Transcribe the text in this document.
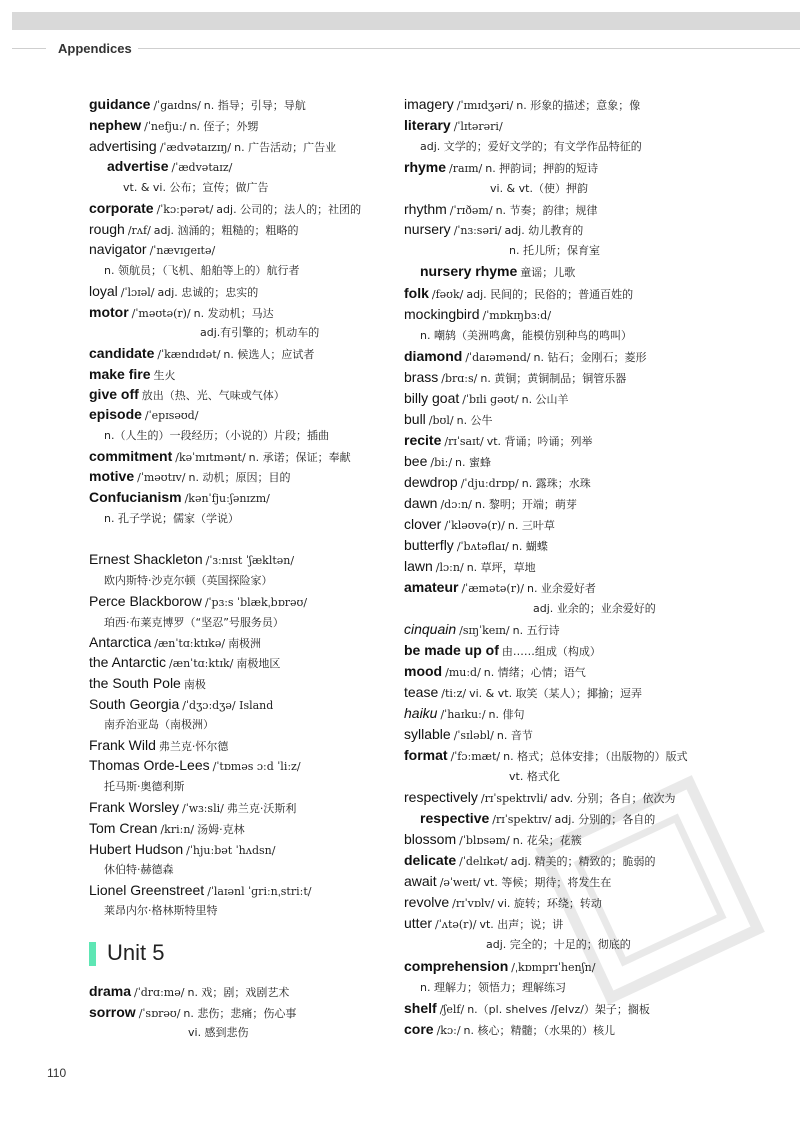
Appendices
guidance /ˈɡaɪdns/ n. 指导；引导；导航
nephew /ˈnefjuː/ n. 侄子；外甥
advertising /ˈædvətaɪzɪŋ/ n. 广告活动；广告业
advertise /ˈædvətaɪz/
vt. & vi. 公布；宣传；做广告
corporate /ˈkɔːpərət/ adj. 公司的；法人的；社团的
rough /rʌf/ adj. 汹涌的；粗糙的；粗略的
navigator /ˈnævɪɡeɪtə/
n. 领航员；（飞机、船舶等上的）航行者
loyal /ˈlɔɪəl/ adj. 忠诚的；忠实的
motor /ˈməʊtə(r)/ n. 发动机；马达
adj.有引擎的；机动车的
candidate /ˈkændɪdət/ n. 候选人；应试者
make fire 生火
give off 放出（热、光、气味或气体）
episode /ˈepɪsəʊd/
n.（人生的）一段经历；（小说的）片段；插曲
commitment /kəˈmɪtmənt/ n. 承诺；保证；奉献
motive /ˈməʊtɪv/ n. 动机；原因；目的
Confucianism /kənˈfjuːʃənɪzm/
n. 孔子学说；儒家（学说）
Ernest Shackleton /ˈɜːnɪst ˈʃækltən/
欧内斯特·沙克尔顿（英国探险家）
Perce Blackborow /ˈpɜːs ˈblækˌbɒrəʊ/
珀西·布莱克博罗（“坚忍”号服务员）
Antarctica /ænˈtɑːktɪkə/ 南极洲
the Antarctic /ænˈtɑːktɪk/ 南极地区
the South Pole 南极
South Georgia /ˈdʒɔːdʒə/ Island
南乔治亚岛（南极洲）
Frank Wild 弗兰克·怀尔德
Thomas Orde-Lees /ˈtɒməs ɔːd ˈliːz/
托马斯·奥德利斯
Frank Worsley /ˈwɜːsli/ 弗兰克·沃斯利
Tom Crean /kriːn/ 汤姆·克林
Hubert Hudson /ˈhjuːbət ˈhʌdsn/
休伯特·赫德森
Lionel Greenstreet /ˈlaɪənl ˈɡriːnˌstriːt/
莱昂内尔·格林斯特里特
drama /ˈdrɑːmə/ n. 戏；剧；戏剧艺术
sorrow /ˈsɒrəʊ/ n. 悲伤；悲痛；伤心事
vi. 感到悲伤
imagery /ˈɪmɪdʒəri/ n. 形象的描述；意象；像
literary /ˈlɪtərəri/
adj. 文学的；爱好文学的；有文学作品特征的
rhyme /raɪm/ n. 押韵词；押韵的短诗
vi. & vt.（使）押韵
rhythm /ˈrɪðəm/ n. 节奏；韵律；规律
nursery /ˈnɜːsəri/ adj. 幼儿教育的
n. 托儿所；保育室
nursery rhyme 童谣；儿歌
folk /fəʊk/ adj. 民间的；民俗的；普通百姓的
mockingbird /ˈmɒkɪŋbɜːd/
n. 嘲鸫（美洲鸣禽，能模仿别种鸟的鸣叫）
diamond /ˈdaɪəmənd/ n. 钻石；金刚石；菱形
brass /brɑːs/ n. 黄铜；黄铜制品；铜管乐器
billy goat /ˈbɪli ɡəʊt/ n. 公山羊
bull /bʊl/ n. 公牛
recite /rɪˈsaɪt/ vt. 背诵；吟诵；列举
bee /biː/ n. 蜜蜂
dewdrop /ˈdjuːdrɒp/ n. 露珠；水珠
dawn /dɔːn/ n. 黎明；开端；萌芽
clover /ˈkləʊvə(r)/ n. 三叶草
butterfly /ˈbʌtəflaɪ/ n. 蝴蝶
lawn /lɔːn/ n. 草坪，草地
amateur /ˈæmətə(r)/ n. 业余爱好者
adj. 业余的；业余爱好的
cinquain /sɪŋˈkeɪn/ n. 五行诗
be made up of 由……组成（构成）
mood /muːd/ n. 情绪；心情；语气
tease /tiːz/ vi. & vt. 取笑（某人）；揶揄；逗弄
haiku /ˈhaɪkuː/ n. 俳句
syllable /ˈsɪləbl/ n. 音节
format /ˈfɔːmæt/ n. 格式；总体安排；（出版物的）版式
vt. 格式化
respectively /rɪˈspektɪvli/ adv. 分别；各自；依次为
respective /rɪˈspektɪv/ adj. 分别的；各自的
blossom /ˈblɒsəm/ n. 花朵；花簇
delicate /ˈdelɪkət/ adj. 精美的；精致的；脆弱的
await /əˈweɪt/ vt. 等候；期待；将发生在
revolve /rɪˈvɒlv/ vi. 旋转；环绕；转动
utter /ˈʌtə(r)/ vt. 出声；说；讲
adj. 完全的；十足的；彻底的
comprehension /ˌkɒmprɪˈhenʃn/
n. 理解力；领悟力；理解练习
shelf /ʃelf/ n.（pl. shelves /ʃelvz/）架子；搁板
core /kɔː/ n. 核心；精髓；（水果的）核儿
Unit 5
110
